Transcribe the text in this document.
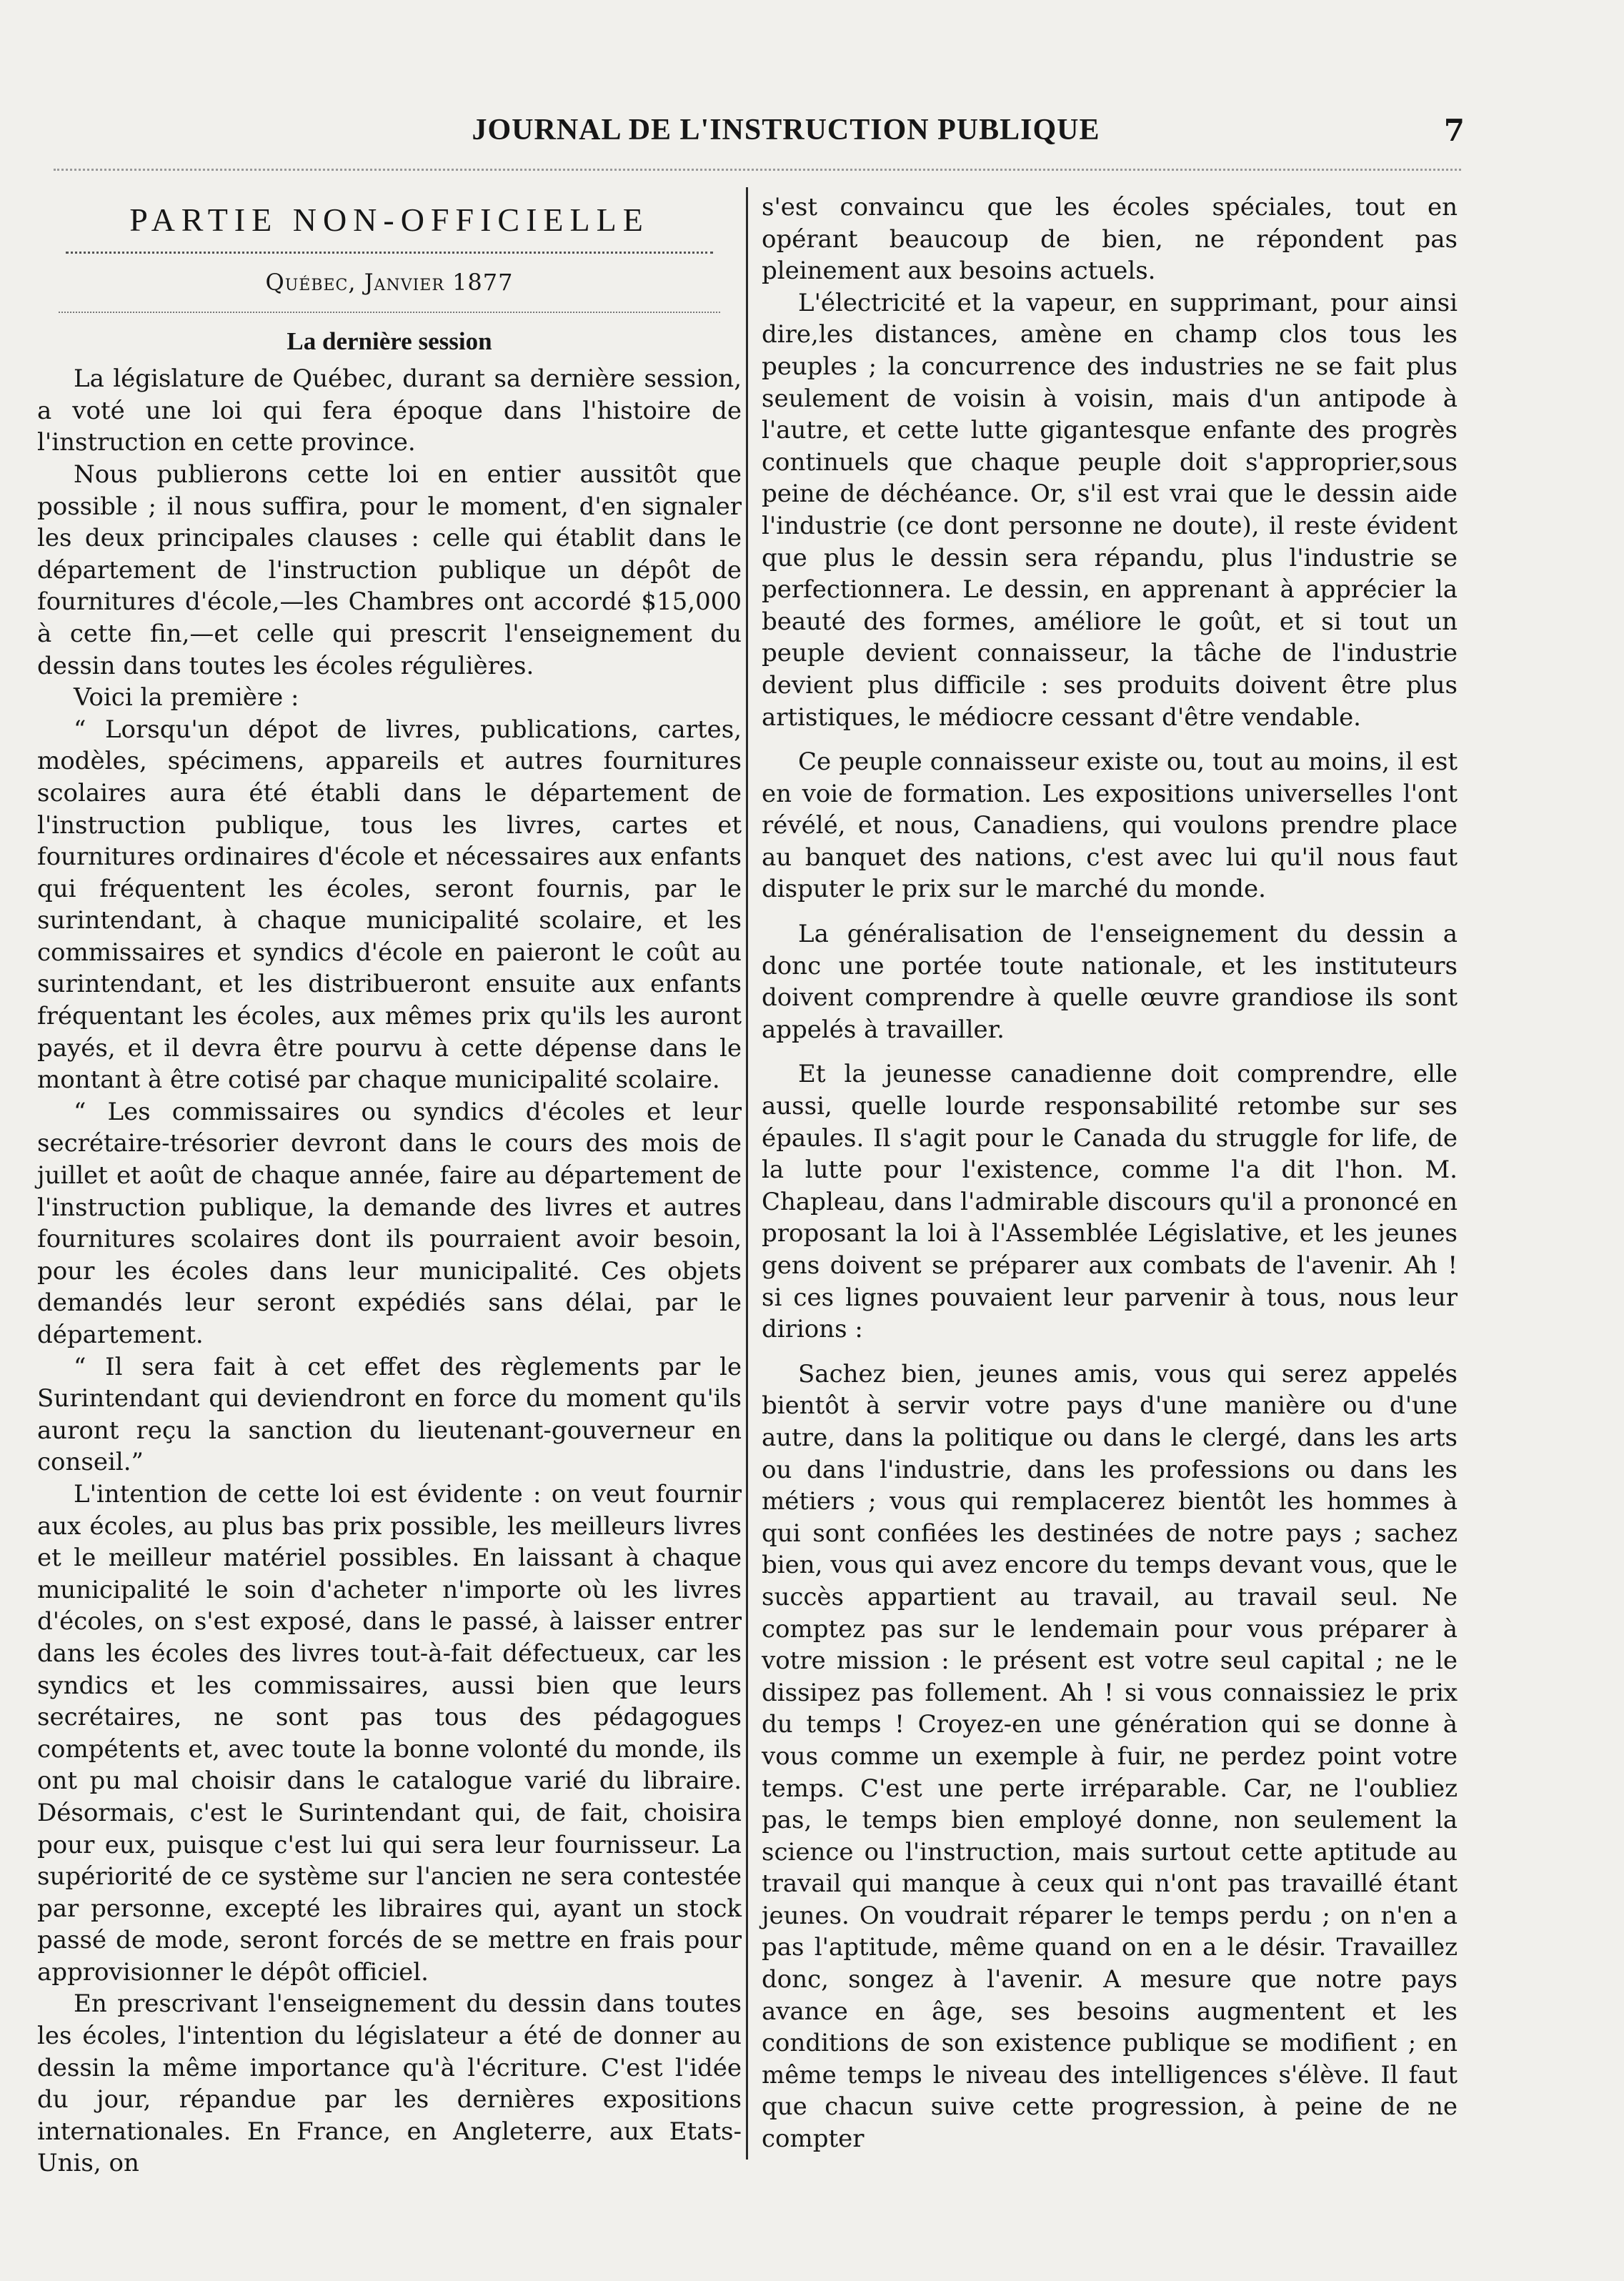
JOURNAL DE L'INSTRUCTION PUBLIQUE	7
PARTIE NON-OFFICIELLE
Québec, Janvier 1877
La dernière session

La législature de Québec, durant sa dernière session, a voté une loi qui fera époque dans l'histoire de l'instruction en cette province.

Nous publierons cette loi en entier aussitôt que possible ; il nous suffira, pour le moment, d'en signaler les deux principales clauses : celle qui établit dans le département de l'instruction publique un dépôt de fournitures d'école,—les Chambres ont accordé $15,000 à cette fin,—et celle qui prescrit l'enseignement du dessin dans toutes les écoles régulières.

Voici la première :

“ Lorsqu'un dépot de livres, publications, cartes, modèles, spécimens, appareils et autres fournitures scolaires aura été établi dans le département de l'instruction publique, tous les livres, cartes et fournitures ordinaires d'école et nécessaires aux enfants qui fréquentent les écoles, seront fournis, par le surintendant, à chaque municipalité scolaire, et les commissaires et syndics d'école en paieront le coût au surintendant, et les distribueront ensuite aux enfants fréquentant les écoles, aux mêmes prix qu'ils les auront payés, et il devra être pourvu à cette dépense dans le montant à être cotisé par chaque municipalité scolaire.

“ Les commissaires ou syndics d'écoles et leur secrétaire-trésorier devront dans le cours des mois de juillet et août de chaque année, faire au département de l'instruction publique, la demande des livres et autres fournitures scolaires dont ils pourraient avoir besoin, pour les écoles dans leur municipalité. Ces objets demandés leur seront expédiés sans délai, par le département.

“ Il sera fait à cet effet des règlements par le Surintendant qui deviendront en force du moment qu'ils auront reçu la sanction du lieutenant-gouverneur en conseil.”

L'intention de cette loi est évidente : on veut fournir aux écoles, au plus bas prix possible, les meilleurs livres et le meilleur matériel possibles. En laissant à chaque municipalité le soin d'acheter n'importe où les livres d'écoles, on s'est exposé, dans le passé, à laisser entrer dans les écoles des livres tout-à-fait défectueux, car les syndics et les commissaires, aussi bien que leurs secrétaires, ne sont pas tous des pédagogues compétents et, avec toute la bonne volonté du monde, ils ont pu mal choisir dans le catalogue varié du libraire. Désormais, c'est le Surintendant qui, de fait, choisira pour eux, puisque c'est lui qui sera leur fournisseur. La supériorité de ce système sur l'ancien ne sera contestée par personne, excepté les libraires qui, ayant un stock passé de mode, seront forcés de se mettre en frais pour approvisionner le dépôt officiel.

En prescrivant l'enseignement du dessin dans toutes les écoles, l'intention du législateur a été de donner au dessin la même importance qu'à l'écriture. C'est l'idée du jour, répandue par les dernières expositions internationales. En France, en Angleterre, aux Etats-Unis, on

s'est convaincu que les écoles spéciales, tout en opérant beaucoup de bien, ne répondent pas pleinement aux besoins actuels.

L'électricité et la vapeur, en supprimant, pour ainsi dire,les distances, amène en champ clos tous les peuples ; la concurrence des industries ne se fait plus seulement de voisin à voisin, mais d'un antipode à l'autre, et cette lutte gigantesque enfante des progrès continuels que chaque peuple doit s'approprier,sous peine de déchéance. Or, s'il est vrai que le dessin aide l'industrie (ce dont personne ne doute), il reste évident que plus le dessin sera répandu, plus l'industrie se perfectionnera. Le dessin, en apprenant à apprécier la beauté des formes, améliore le goût, et si tout un peuple devient connaisseur, la tâche de l'industrie devient plus difficile : ses produits doivent être plus artistiques, le médiocre cessant d'être vendable.

Ce peuple connaisseur existe ou, tout au moins, il est en voie de formation. Les expositions universelles l'ont révélé, et nous, Canadiens, qui voulons prendre place au banquet des nations, c'est avec lui qu'il nous faut disputer le prix sur le marché du monde.

La généralisation de l'enseignement du dessin a donc une portée toute nationale, et les instituteurs doivent comprendre à quelle œuvre grandiose ils sont appelés à travailler.

Et la jeunesse canadienne doit comprendre, elle aussi, quelle lourde responsabilité retombe sur ses épaules. Il s'agit pour le Canada du struggle for life, de la lutte pour l'existence, comme l'a dit l'hon. M. Chapleau, dans l'admirable discours qu'il a prononcé en proposant la loi à l'Assemblée Législative, et les jeunes gens doivent se préparer aux combats de l'avenir. Ah ! si ces lignes pouvaient leur parvenir à tous, nous leur dirions :

Sachez bien, jeunes amis, vous qui serez appelés bientôt à servir votre pays d'une manière ou d'une autre, dans la politique ou dans le clergé, dans les arts ou dans l'industrie, dans les professions ou dans les métiers ; vous qui remplacerez bientôt les hommes à qui sont confiées les destinées de notre pays ; sachez bien, vous qui avez encore du temps devant vous, que le succès appartient au travail, au travail seul. Ne comptez pas sur le lendemain pour vous préparer à votre mission : le présent est votre seul capital ; ne le dissipez pas follement. Ah ! si vous connaissiez le prix du temps ! Croyez-en une génération qui se donne à vous comme un exemple à fuir, ne perdez point votre temps. C'est une perte irréparable. Car, ne l'oubliez pas, le temps bien employé donne, non seulement la science ou l'instruction, mais surtout cette aptitude au travail qui manque à ceux qui n'ont pas travaillé étant jeunes. On voudrait réparer le temps perdu ; on n'en a pas l'aptitude, même quand on en a le désir. Travaillez donc, songez à l'avenir. A mesure que notre pays avance en âge, ses besoins augmentent et les conditions de son existence publique se modifient ; en même temps le niveau des intelligences s'élève. Il faut que chacun suive cette progression, à peine de ne compter
